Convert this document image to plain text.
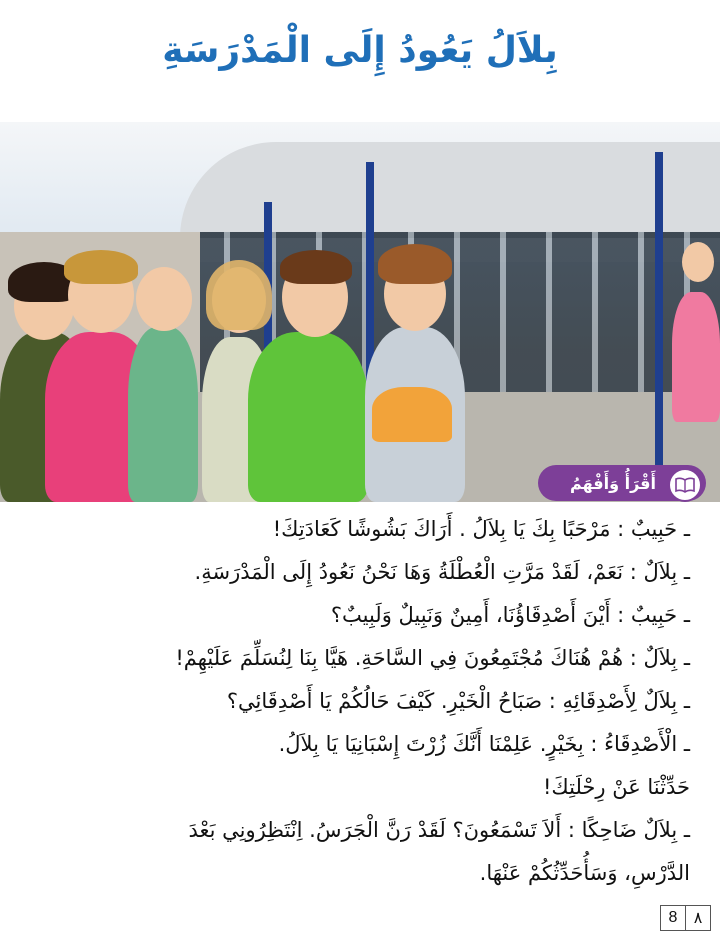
بِلاَلُ يَعُودُ إِلَى الْمَدْرَسَةِ
أَقْرَأُ وَأَفْهَمُ

ـ حَبِيبٌ : مَرْحَبًا بِكَ يَا بِلاَلُ . أَرَاكَ بَشُوشًا كَعَادَتِكَ!

ـ بِلاَلٌ : نَعَمْ، لَقَدْ مَرَّتِ الْعُطْلَةُ وَهَا نَحْنُ نَعُودُ إِلَى الْمَدْرَسَةِ.

ـ حَبِيبٌ : أَيْنَ أَصْدِقَاؤُنَا، أَمِينٌ وَنَبِيلٌ وَلَبِيبٌ؟

ـ بِلاَلٌ : هُمْ هُنَاكَ مُجْتَمِعُونَ فِي السَّاحَةِ. هَيَّا بِنَا لِنُسَلِّمَ عَلَيْهِمْ!

ـ بِلاَلٌ لِأَصْدِقَائِهِ : صَبَاحُ الْخَيْرِ. كَيْفَ حَالُكُمْ يَا أَصْدِقَائِي؟

ـ الْأَصْدِقَاءُ : بِخَيْرٍ. عَلِمْنَا أَنَّكَ زُرْتَ إِسْبَانِيَا يَا بِلاَلُ.

حَدِّثْنَا عَنْ رِحْلَتِكَ!

ـ بِلاَلٌ ضَاحِكًا : أَلاَ تَسْمَعُونَ؟ لَقَدْ رَنَّ الْجَرَسُ. اِنْتَظِرُونِي بَعْدَ

الدَّرْسِ، وَسَأُحَدِّثُكُمْ عَنْهَا.

8	٨
